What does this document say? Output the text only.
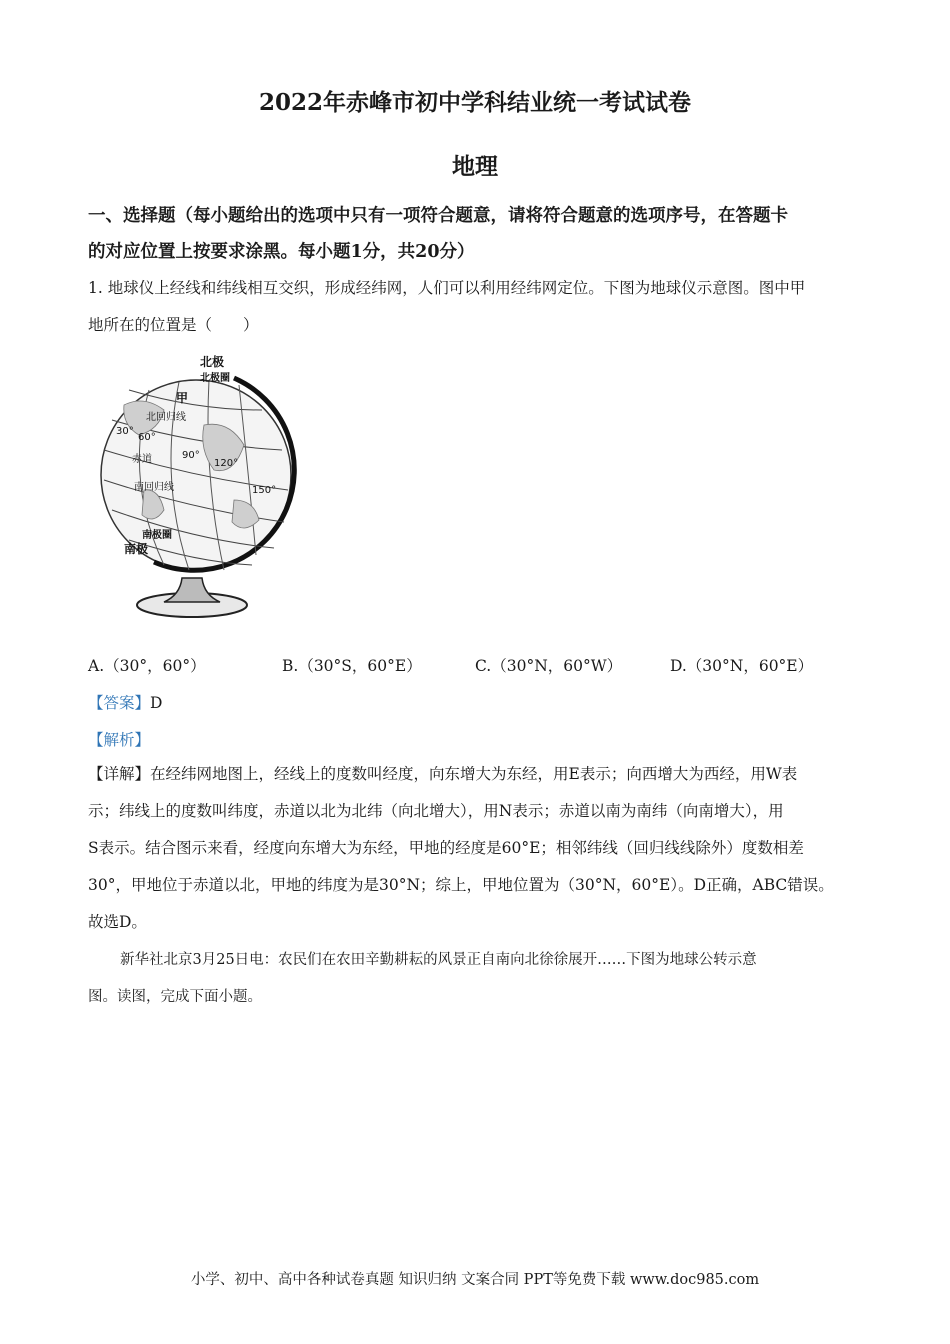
2022年赤峰市初中学科结业统一考试试卷
地理
一、选择题（每小题给出的选项中只有一项符合题意，请将符合题意的选项序号，在答题卡
的对应位置上按要求涂黑。每小题1分，共20分）
1. 地球仪上经线和纬线相互交织，形成经纬网，人们可以利用经纬网定位。下图为地球仪示意图。图中甲
地所在的位置是（　　）
北极
北极圈
甲
北回归线
赤道
南回归线
南极圈
南极
30°
60°
90°
120°
150°
A.（30°，60°）	B.（30°S，60°E）	C.（30°N，60°W）	D.（30°N，60°E）
【答案】D
【解析】
【详解】在经纬网地图上，经线上的度数叫经度，向东增大为东经，用E表示；向西增大为西经，用W表
示；纬线上的度数叫纬度，赤道以北为北纬（向北增大），用N表示；赤道以南为南纬（向南增大），用
S表示。结合图示来看，经度向东增大为东经，甲地的经度是60°E；相邻纬线（回归线线除外）度数相差
30°，甲地位于赤道以北，甲地的纬度为是30°N；综上，甲地位置为（30°N，60°E）。D正确，ABC错误。
故选D。
新华社北京3月25日电：农民们在农田辛勤耕耘的风景正自南向北徐徐展开……下图为地球公转示意
图。读图，完成下面小题。
小学、初中、高中各种试卷真题 知识归纳 文案合同 PPT等免费下载 www.doc985.com
